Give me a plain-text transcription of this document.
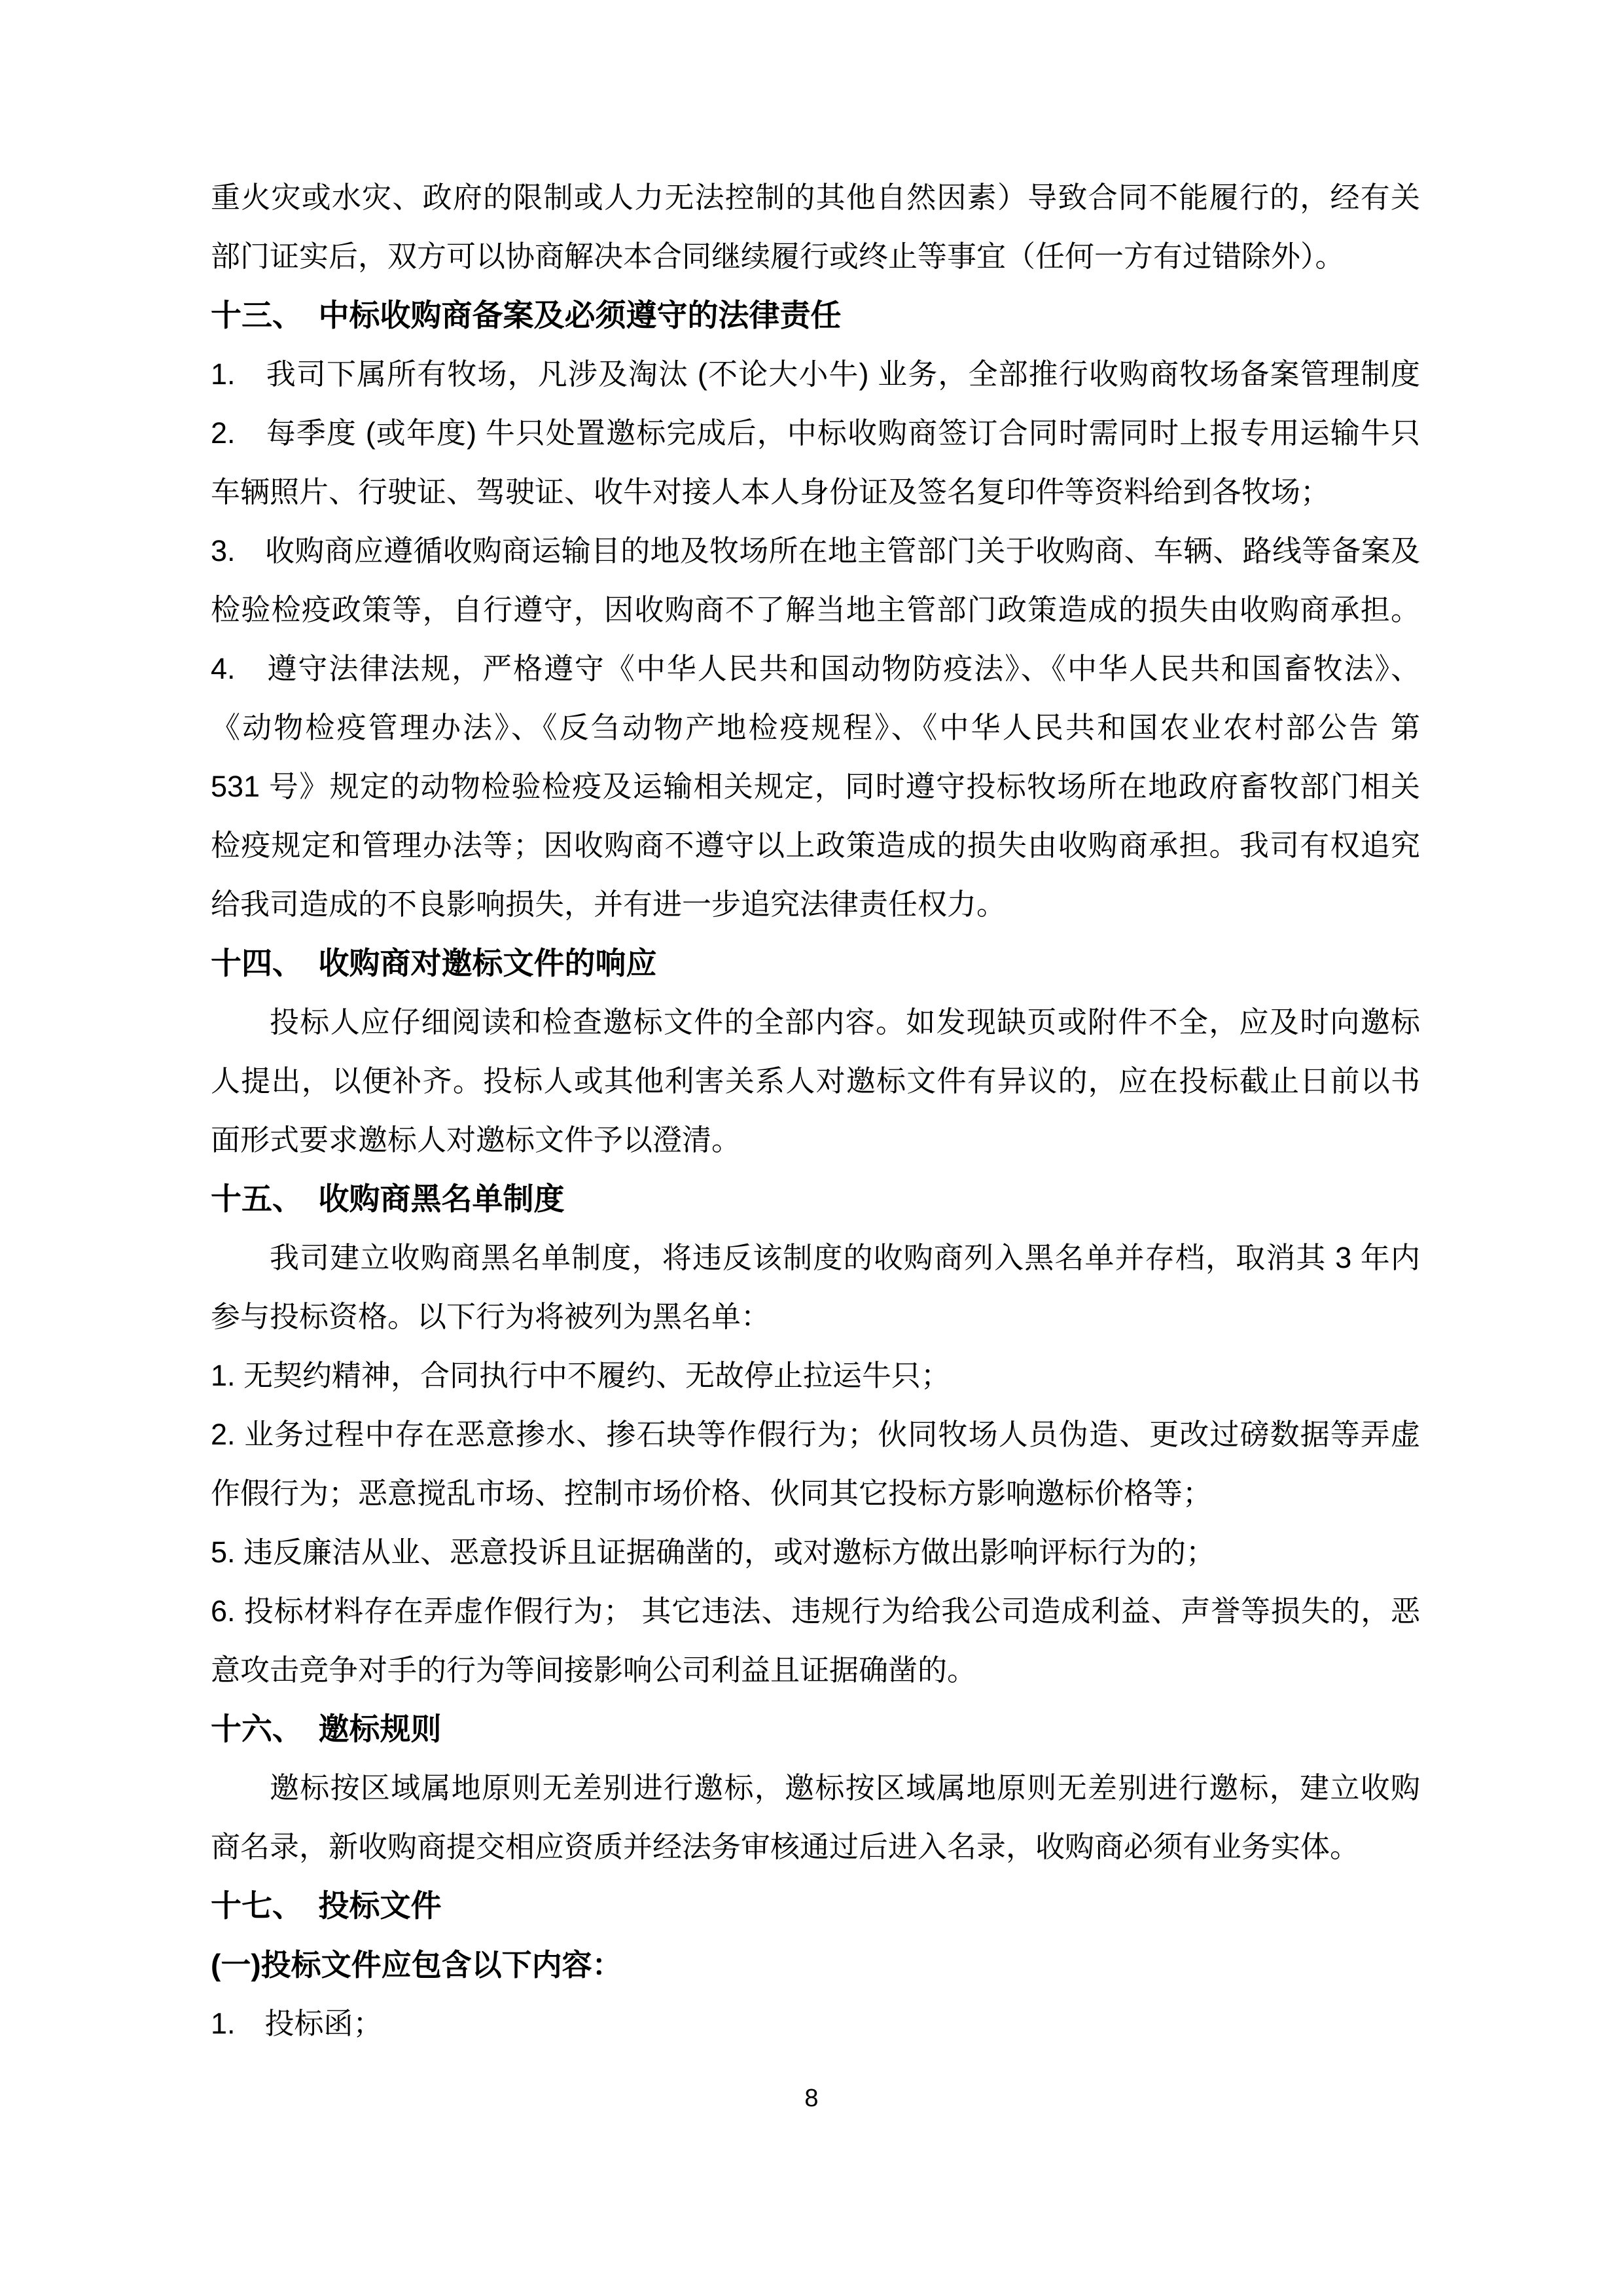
重火灾或水灾、政府的限制或人力无法控制的其他自然因素）导致合同不能履行的，经有关
部门证实后，双方可以协商解决本合同继续履行或终止等事宜（任何一方有过错除外）。
十三、　中标收购商备案及必须遵守的法律责任
1.　我司下属所有牧场，凡涉及淘汰 (不论大小牛) 业务，全部推行收购商牧场备案管理制度
2.　每季度 (或年度) 牛只处置邀标完成后，中标收购商签订合同时需同时上报专用运输牛只
车辆照片、行驶证、驾驶证、收牛对接人本人身份证及签名复印件等资料给到各牧场；
3.　收购商应遵循收购商运输目的地及牧场所在地主管部门关于收购商、车辆、路线等备案及
检验检疫政策等，自行遵守，因收购商不了解当地主管部门政策造成的损失由收购商承担。
4.　遵守法律法规，严格遵守《中华人民共和国动物防疫法》、《中华人民共和国畜牧法》、
《动物检疫管理办法》、《反刍动物产地检疫规程》、《中华人民共和国农业农村部公告 第
531 号》规定的动物检验检疫及运输相关规定，同时遵守投标牧场所在地政府畜牧部门相关
检疫规定和管理办法等；因收购商不遵守以上政策造成的损失由收购商承担。我司有权追究
给我司造成的不良影响损失，并有进一步追究法律责任权力。
十四、　收购商对邀标文件的响应
投标人应仔细阅读和检查邀标文件的全部内容。如发现缺页或附件不全，应及时向邀标
人提出，以便补齐。投标人或其他利害关系人对邀标文件有异议的，应在投标截止日前以书
面形式要求邀标人对邀标文件予以澄清。
十五、　收购商黑名单制度
我司建立收购商黑名单制度，将违反该制度的收购商列入黑名单并存档，取消其 3 年内
参与投标资格。以下行为将被列为黑名单：
1. 无契约精神，合同执行中不履约、无故停止拉运牛只；
2. 业务过程中存在恶意掺水、掺石块等作假行为；伙同牧场人员伪造、更改过磅数据等弄虚
作假行为；恶意搅乱市场、控制市场价格、伙同其它投标方影响邀标价格等；
5. 违反廉洁从业、恶意投诉且证据确凿的，或对邀标方做出影响评标行为的；
6. 投标材料存在弄虚作假行为； 其它违法、违规行为给我公司造成利益、声誉等损失的，恶
意攻击竞争对手的行为等间接影响公司利益且证据确凿的。
十六、　邀标规则
邀标按区域属地原则无差别进行邀标，邀标按区域属地原则无差别进行邀标，建立收购
商名录，新收购商提交相应资质并经法务审核通过后进入名录，收购商必须有业务实体。
十七、　投标文件
(一)投标文件应包含以下内容：
1.　投标函；
8
